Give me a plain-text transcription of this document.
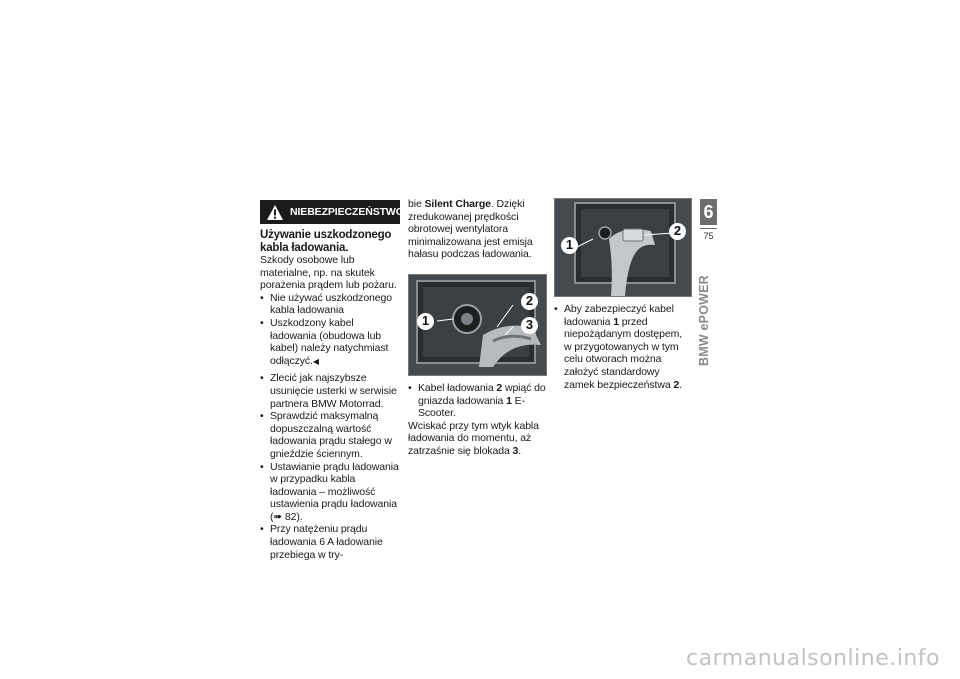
NIEBEZPIECZEŃSTWO
Używanie uszkodzonego kabla ładowania.

Szkody osobowe lub materialne, np. na skutek porażenia prądem lub pożaru.

• Nie używać uszkodzonego kabla ładowania
• Uszkodzony kabel ładowania (obudowa lub kabel) należy natychmiast odłączyć.◀
• Zlecić jak najszybsze usunięcie usterki w serwisie partnera BMW Motorrad.
• Sprawdzić maksymalną dopuszczalną wartość ładowania prądu stałego w gnieździe ściennym.
• Ustawianie prądu ładowania w przypadku kabla ładowania – możliwość ustawienia prądu ładowania (➠ 82).
• Przy natężeniu prądu ładowania 6 A ładowanie przebiega w try-

bie Silent Charge. Dzięki zredukowanej prędkości obrotowej wentylatora minimalizowana jest emisja hałasu podczas ładowania.

1
2
3
• Kabel ładowania 2 wpiąć do gniazda ładowania 1 E-Scooter.

Wciskać przy tym wtyk kabla ładowania do momentu, aż zatrzaśnie się blokada 3.

1
2
• Aby zabezpieczyć kabel ładowania 1 przed niepożądanym dostępem, w przygotowanych w tym celu otworach można założyć standardowy zamek bezpieczeństwa 2.
6
75
BMW ePOWER
carmanualsonline.info
